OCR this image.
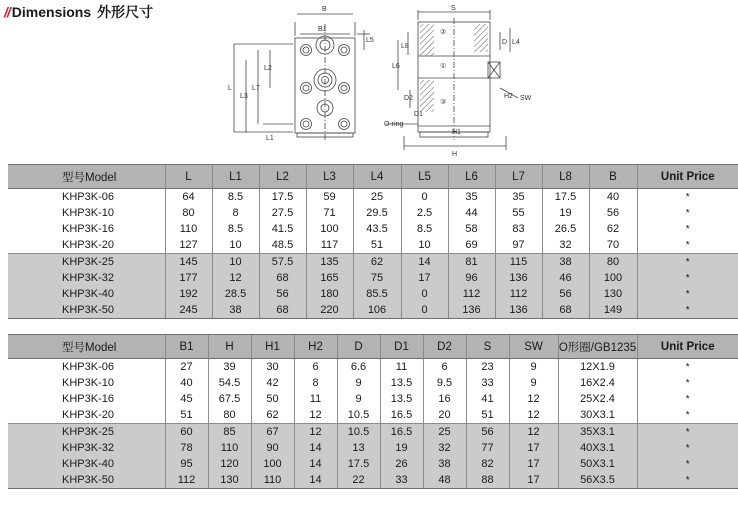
// Dimensions 外形尺寸	B
B1
L5
L
L3
L1
L2
L7
S
②
①
③
L8
D L4
L6
D2
D1
H2 SW
O-ring
H1
H
型号Model	L	L1	L2	L3	L4	L5	L6	L7	L8	B	Unit Price
KHP3K-06	64	8.5	17.5	59	25	0	35	35	17.5	40	*
KHP3K-10	80	8	27.5	71	29.5	2.5	44	55	19	56	*
KHP3K-16	110	8.5	41.5	100	43.5	8.5	58	83	26.5	62	*
KHP3K-20	127	10	48.5	117	51	10	69	97	32	70	*
KHP3K-25	145	10	57.5	135	62	14	81	115	38	80	*
KHP3K-32	177	12	68	165	75	17	96	136	46	100	*
KHP3K-40	192	28.5	56	180	85.5	0	112	112	56	130	*
KHP3K-50	245	38	68	220	106	0	136	136	68	149	*
型号Model	B1	H	H1	H2	D	D1	D2	S	SW	O形圈/GB1235	Unit Price
KHP3K-06	27	39	30	6	6.6	11	6	23	9	12X1.9	*
KHP3K-10	40	54.5	42	8	9	13.5	9.5	33	9	16X2.4	*
KHP3K-16	45	67.5	50	11	9	13.5	16	41	12	25X2.4	*
KHP3K-20	51	80	62	12	10.5	16.5	20	51	12	30X3.1	*
KHP3K-25	60	85	67	12	10.5	16.5	25	56	12	35X3.1	*
KHP3K-32	78	110	90	14	13	19	32	77	17	40X3.1	*
KHP3K-40	95	120	100	14	17.5	26	38	82	17	50X3.1	*
KHP3K-50	112	130	110	14	22	33	48	88	17	56X3.5	*
